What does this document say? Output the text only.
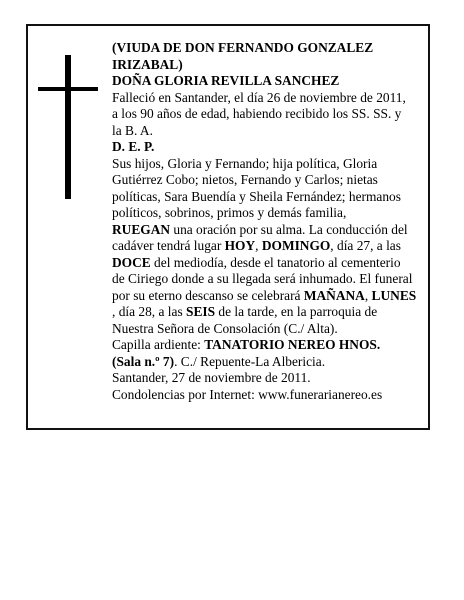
(VIUDA DE DON FERNANDO GONZALEZ
IRIZABAL)
DOÑA GLORIA REVILLA SANCHEZ
Falleció en Santander, el día 26 de noviembre de 2011,
a los 90 años de edad, habiendo recibido los SS. SS. y
la B. A.
D. E. P.
Sus hijos, Gloria y Fernando; hija política, Gloria
Gutiérrez Cobo; nietos, Fernando y Carlos; nietas
políticas, Sara Buendía y Sheila Fernández; hermanos
políticos, sobrinos, primos y demás familia,
RUEGAN una oración por su alma. La conducción del
cadáver tendrá lugar HOY, DOMINGO, día 27, a las
DOCE del mediodía, desde el tanatorio al cementerio
de Ciriego donde a su llegada será inhumado. El funeral
por su eterno descanso se celebrará MAÑANA, LUNES
, día 28, a las SEIS de la tarde, en la parroquia de
Nuestra Señora de Consolación (C./ Alta).
Capilla ardiente: TANATORIO NEREO HNOS.
(Sala n.º 7). C./ Repuente-La Albericia.
Santander, 27 de noviembre de 2011.
Condolencias por Internet: www.funerarianereo.es
